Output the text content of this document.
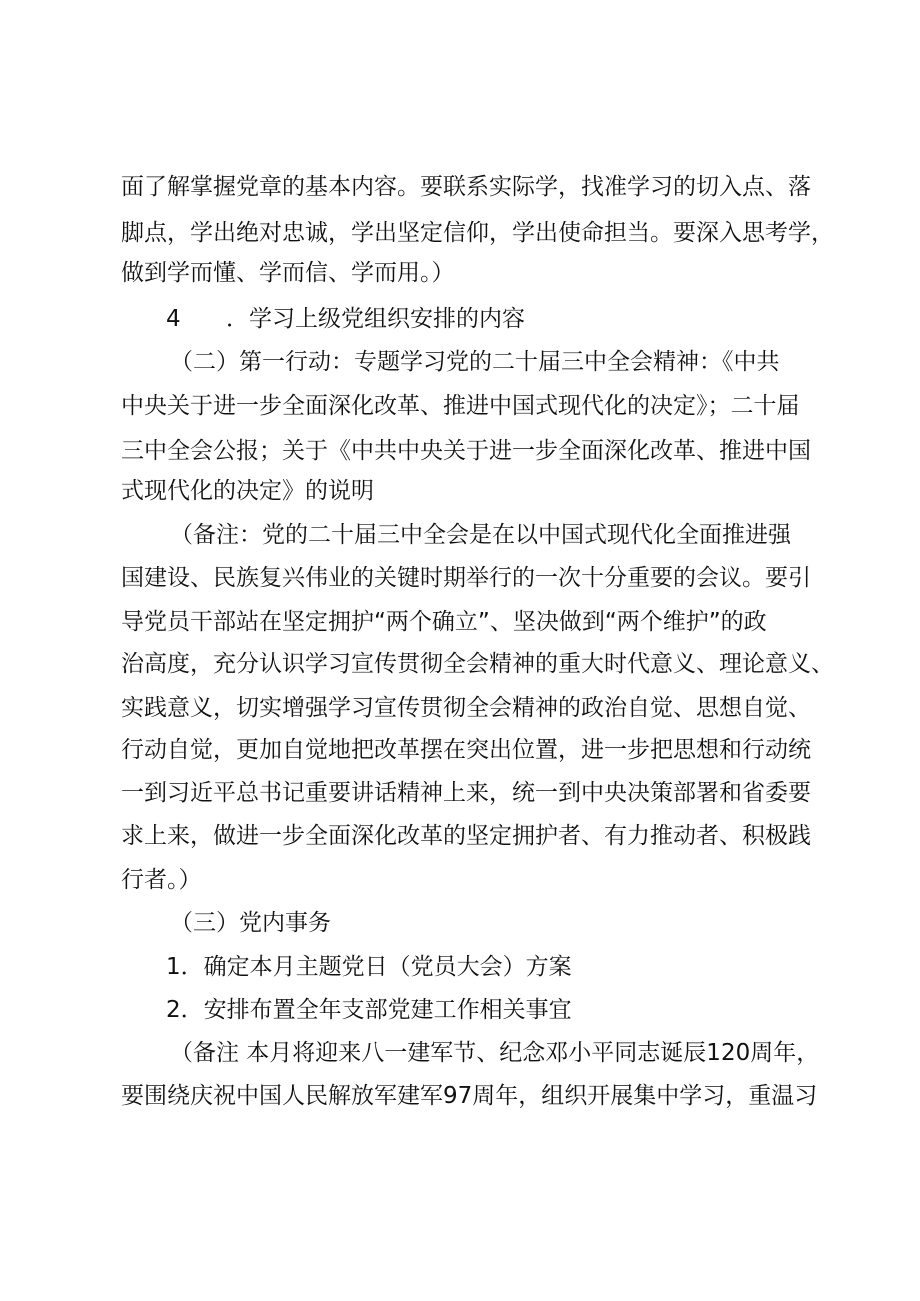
面了解掌握党章的基本内容。要联系实际学，找准学习的切入点、落
脚点，学出绝对忠诚，学出坚定信仰，学出使命担当。要深入思考学，
做到学而懂、学而信、学而用。）
4 ．学习上级党组织安排的内容
（二）第一行动：专题学习党的二十届三中全会精神：《中共
中央关于进一步全面深化改革、推进中国式现代化的决定》；二十届
三中全会公报；关于《中共中央关于进一步全面深化改革、推进中国
式现代化的决定》的说明
（备注：党的二十届三中全会是在以中国式现代化全面推进强
国建设、民族复兴伟业的关键时期举行的一次十分重要的会议。要引
导党员干部站在坚定拥护“两个确立”、坚决做到“两个维护”的政
治高度，充分认识学习宣传贯彻全会精神的重大时代意义、理论意义、
实践意义，切实增强学习宣传贯彻全会精神的政治自觉、思想自觉、
行动自觉，更加自觉地把改革摆在突出位置，进一步把思想和行动统
一到习近平总书记重要讲话精神上来，统一到中央决策部署和省委要
求上来，做进一步全面深化改革的坚定拥护者、有力推动者、积极践
行者。）
（三）党内事务
1．确定本月主题党日（党员大会）方案
2．安排布置全年支部党建工作相关事宜
（备注 本月将迎来八一建军节、纪念邓小平同志诞辰120周年，
要围绕庆祝中国人民解放军建军97周年，组织开展集中学习，重温习
